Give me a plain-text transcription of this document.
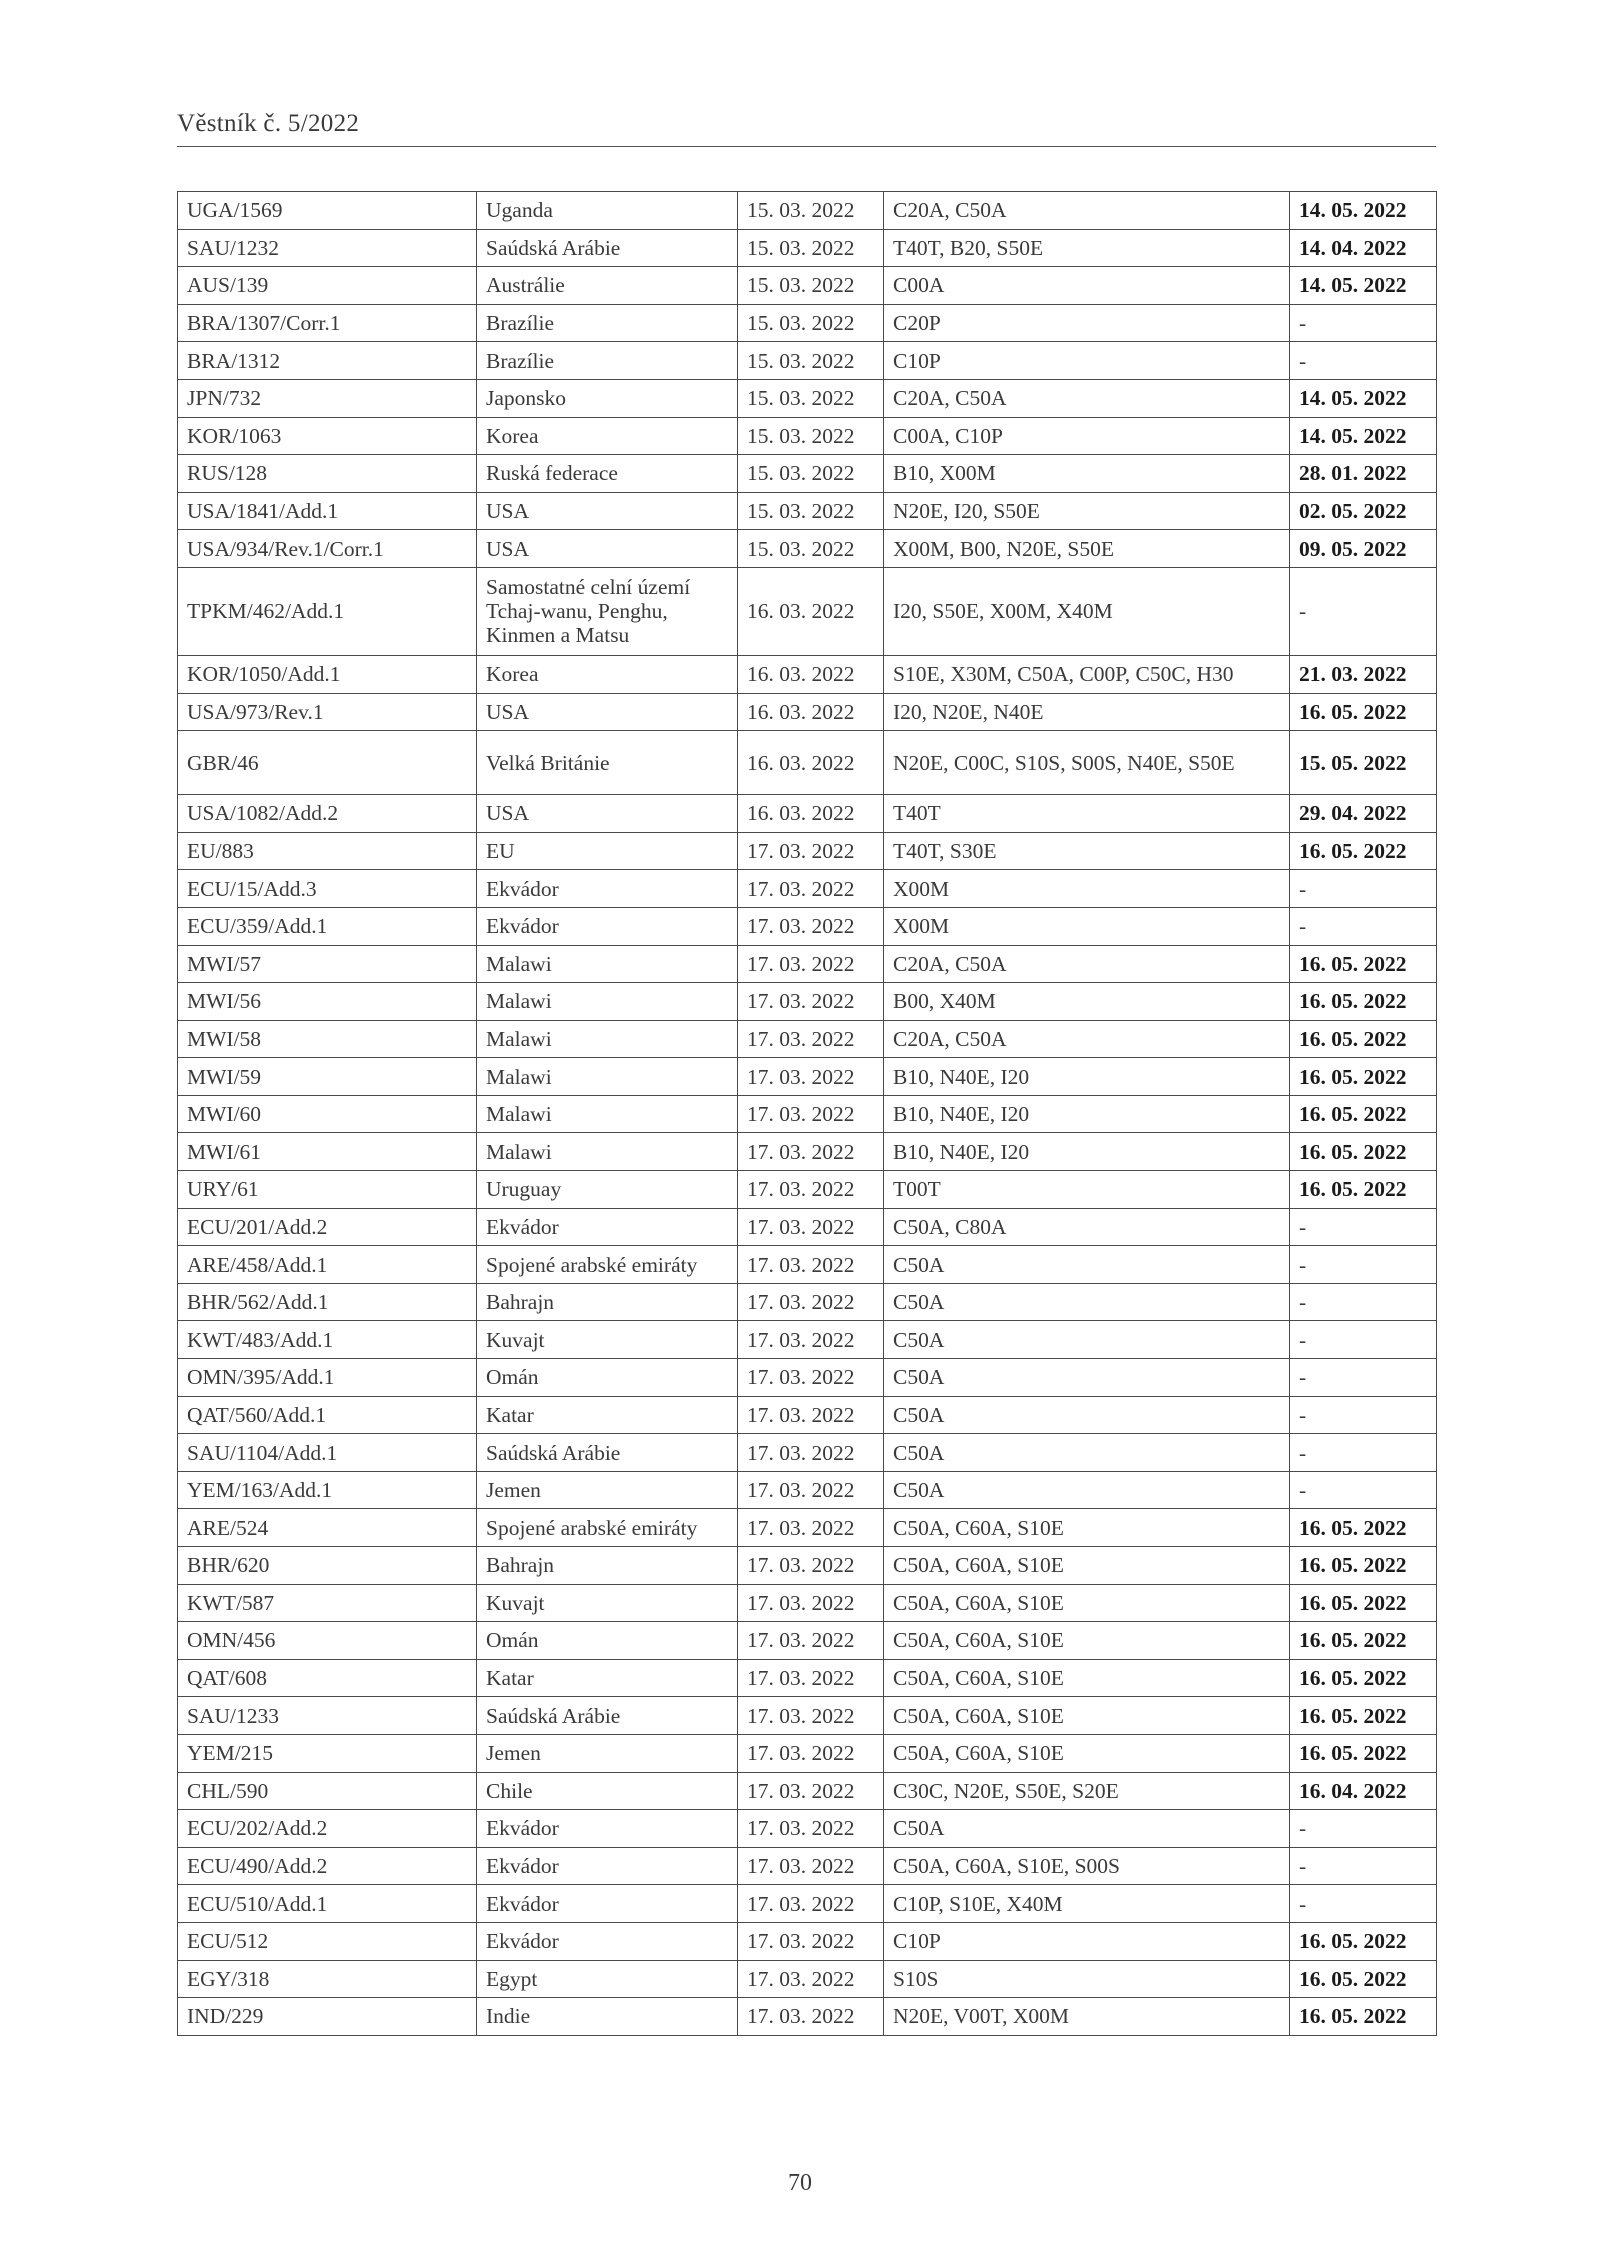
Věstník č. 5/2022
UGA/1569	Uganda	15. 03. 2022	C20A, C50A	14. 05. 2022
SAU/1232	Saúdská Arábie	15. 03. 2022	T40T, B20, S50E	14. 04. 2022
AUS/139	Austrálie	15. 03. 2022	C00A	14. 05. 2022
BRA/1307/Corr.1	Brazílie	15. 03. 2022	C20P	-
BRA/1312	Brazílie	15. 03. 2022	C10P	-
JPN/732	Japonsko	15. 03. 2022	C20A, C50A	14. 05. 2022
KOR/1063	Korea	15. 03. 2022	C00A, C10P	14. 05. 2022
RUS/128	Ruská federace	15. 03. 2022	B10, X00M	28. 01. 2022
USA/1841/Add.1	USA	15. 03. 2022	N20E, I20, S50E	02. 05. 2022
USA/934/Rev.1/Corr.1	USA	15. 03. 2022	X00M, B00, N20E, S50E	09. 05. 2022
TPKM/462/Add.1	Samostatné celní území Tchaj-wanu, Penghu, Kinmen a Matsu	16. 03. 2022	I20, S50E, X00M, X40M	-
KOR/1050/Add.1	Korea	16. 03. 2022	S10E, X30M, C50A, C00P, C50C, H30	21. 03. 2022
USA/973/Rev.1	USA	16. 03. 2022	I20, N20E, N40E	16. 05. 2022
GBR/46	Velká Británie	16. 03. 2022	N20E, C00C, S10S, S00S, N40E, S50E	15. 05. 2022
USA/1082/Add.2	USA	16. 03. 2022	T40T	29. 04. 2022
EU/883	EU	17. 03. 2022	T40T, S30E	16. 05. 2022
ECU/15/Add.3	Ekvádor	17. 03. 2022	X00M	-
ECU/359/Add.1	Ekvádor	17. 03. 2022	X00M	-
MWI/57	Malawi	17. 03. 2022	C20A, C50A	16. 05. 2022
MWI/56	Malawi	17. 03. 2022	B00, X40M	16. 05. 2022
MWI/58	Malawi	17. 03. 2022	C20A, C50A	16. 05. 2022
MWI/59	Malawi	17. 03. 2022	B10, N40E, I20	16. 05. 2022
MWI/60	Malawi	17. 03. 2022	B10, N40E, I20	16. 05. 2022
MWI/61	Malawi	17. 03. 2022	B10, N40E, I20	16. 05. 2022
URY/61	Uruguay	17. 03. 2022	T00T	16. 05. 2022
ECU/201/Add.2	Ekvádor	17. 03. 2022	C50A, C80A	-
ARE/458/Add.1	Spojené arabské emiráty	17. 03. 2022	C50A	-
BHR/562/Add.1	Bahrajn	17. 03. 2022	C50A	-
KWT/483/Add.1	Kuvajt	17. 03. 2022	C50A	-
OMN/395/Add.1	Omán	17. 03. 2022	C50A	-
QAT/560/Add.1	Katar	17. 03. 2022	C50A	-
SAU/1104/Add.1	Saúdská Arábie	17. 03. 2022	C50A	-
YEM/163/Add.1	Jemen	17. 03. 2022	C50A	-
ARE/524	Spojené arabské emiráty	17. 03. 2022	C50A, C60A, S10E	16. 05. 2022
BHR/620	Bahrajn	17. 03. 2022	C50A, C60A, S10E	16. 05. 2022
KWT/587	Kuvajt	17. 03. 2022	C50A, C60A, S10E	16. 05. 2022
OMN/456	Omán	17. 03. 2022	C50A, C60A, S10E	16. 05. 2022
QAT/608	Katar	17. 03. 2022	C50A, C60A, S10E	16. 05. 2022
SAU/1233	Saúdská Arábie	17. 03. 2022	C50A, C60A, S10E	16. 05. 2022
YEM/215	Jemen	17. 03. 2022	C50A, C60A, S10E	16. 05. 2022
CHL/590	Chile	17. 03. 2022	C30C, N20E, S50E, S20E	16. 04. 2022
ECU/202/Add.2	Ekvádor	17. 03. 2022	C50A	-
ECU/490/Add.2	Ekvádor	17. 03. 2022	C50A, C60A, S10E, S00S	-
ECU/510/Add.1	Ekvádor	17. 03. 2022	C10P, S10E, X40M	-
ECU/512	Ekvádor	17. 03. 2022	C10P	16. 05. 2022
EGY/318	Egypt	17. 03. 2022	S10S	16. 05. 2022
IND/229	Indie	17. 03. 2022	N20E, V00T, X00M	16. 05. 2022
70
